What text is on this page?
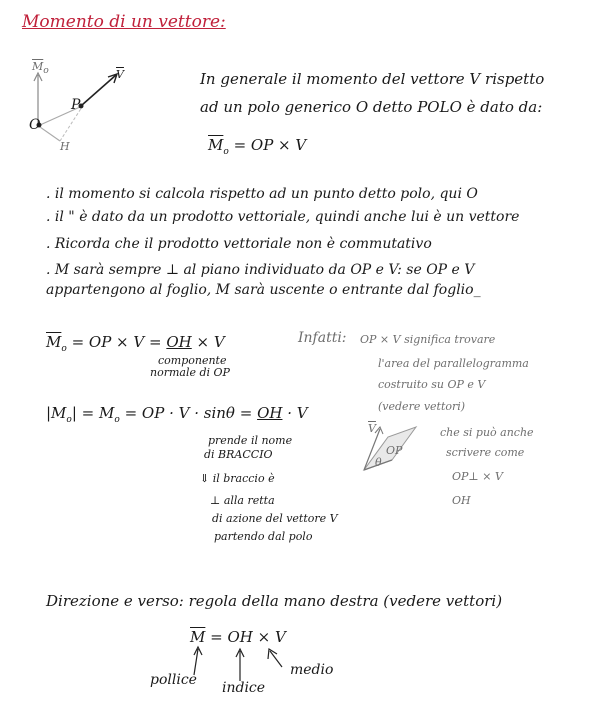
Momento di un vettore:
$\overline{M}_o$	$\overline{V}$
P
O
H
In generale il momento del vettore V rispetto
ad un polo generico O detto POLO è dato da:
$\overline{M}_o$ = OP × V
. il momento si calcola rispetto ad un punto detto polo, qui O
. il " è dato da un prodotto vettoriale, quindi anche lui è un vettore
. Ricorda che il prodotto vettoriale non è commutativo
. M sarà sempre ⊥ al piano individuato da OP e V: se OP e V
appartengono al foglio, M sarà uscente o entrante dal foglio_
$\overline{M}_o$ = OP × V = OH × V
componente
normale di OP
Infatti: OP × V significa trovare
l'area del parallelogramma
costruito su OP e V
(vedere vettori)
$|M_o| = M_o$ = OP · V · sinθ = OH · V
prende il nome
di BRACCIO
⇓ il braccio è
⊥ alla retta
di azione del vettore V
partendo dal polo
$\overline{V}$
OP
θ
che si può anche
scrivere come
OP⊥ × V
OH
Direzione e verso: regola della mano destra (vedere vettori)
$\overline{M}$ = OH × V
pollice indice
medio
